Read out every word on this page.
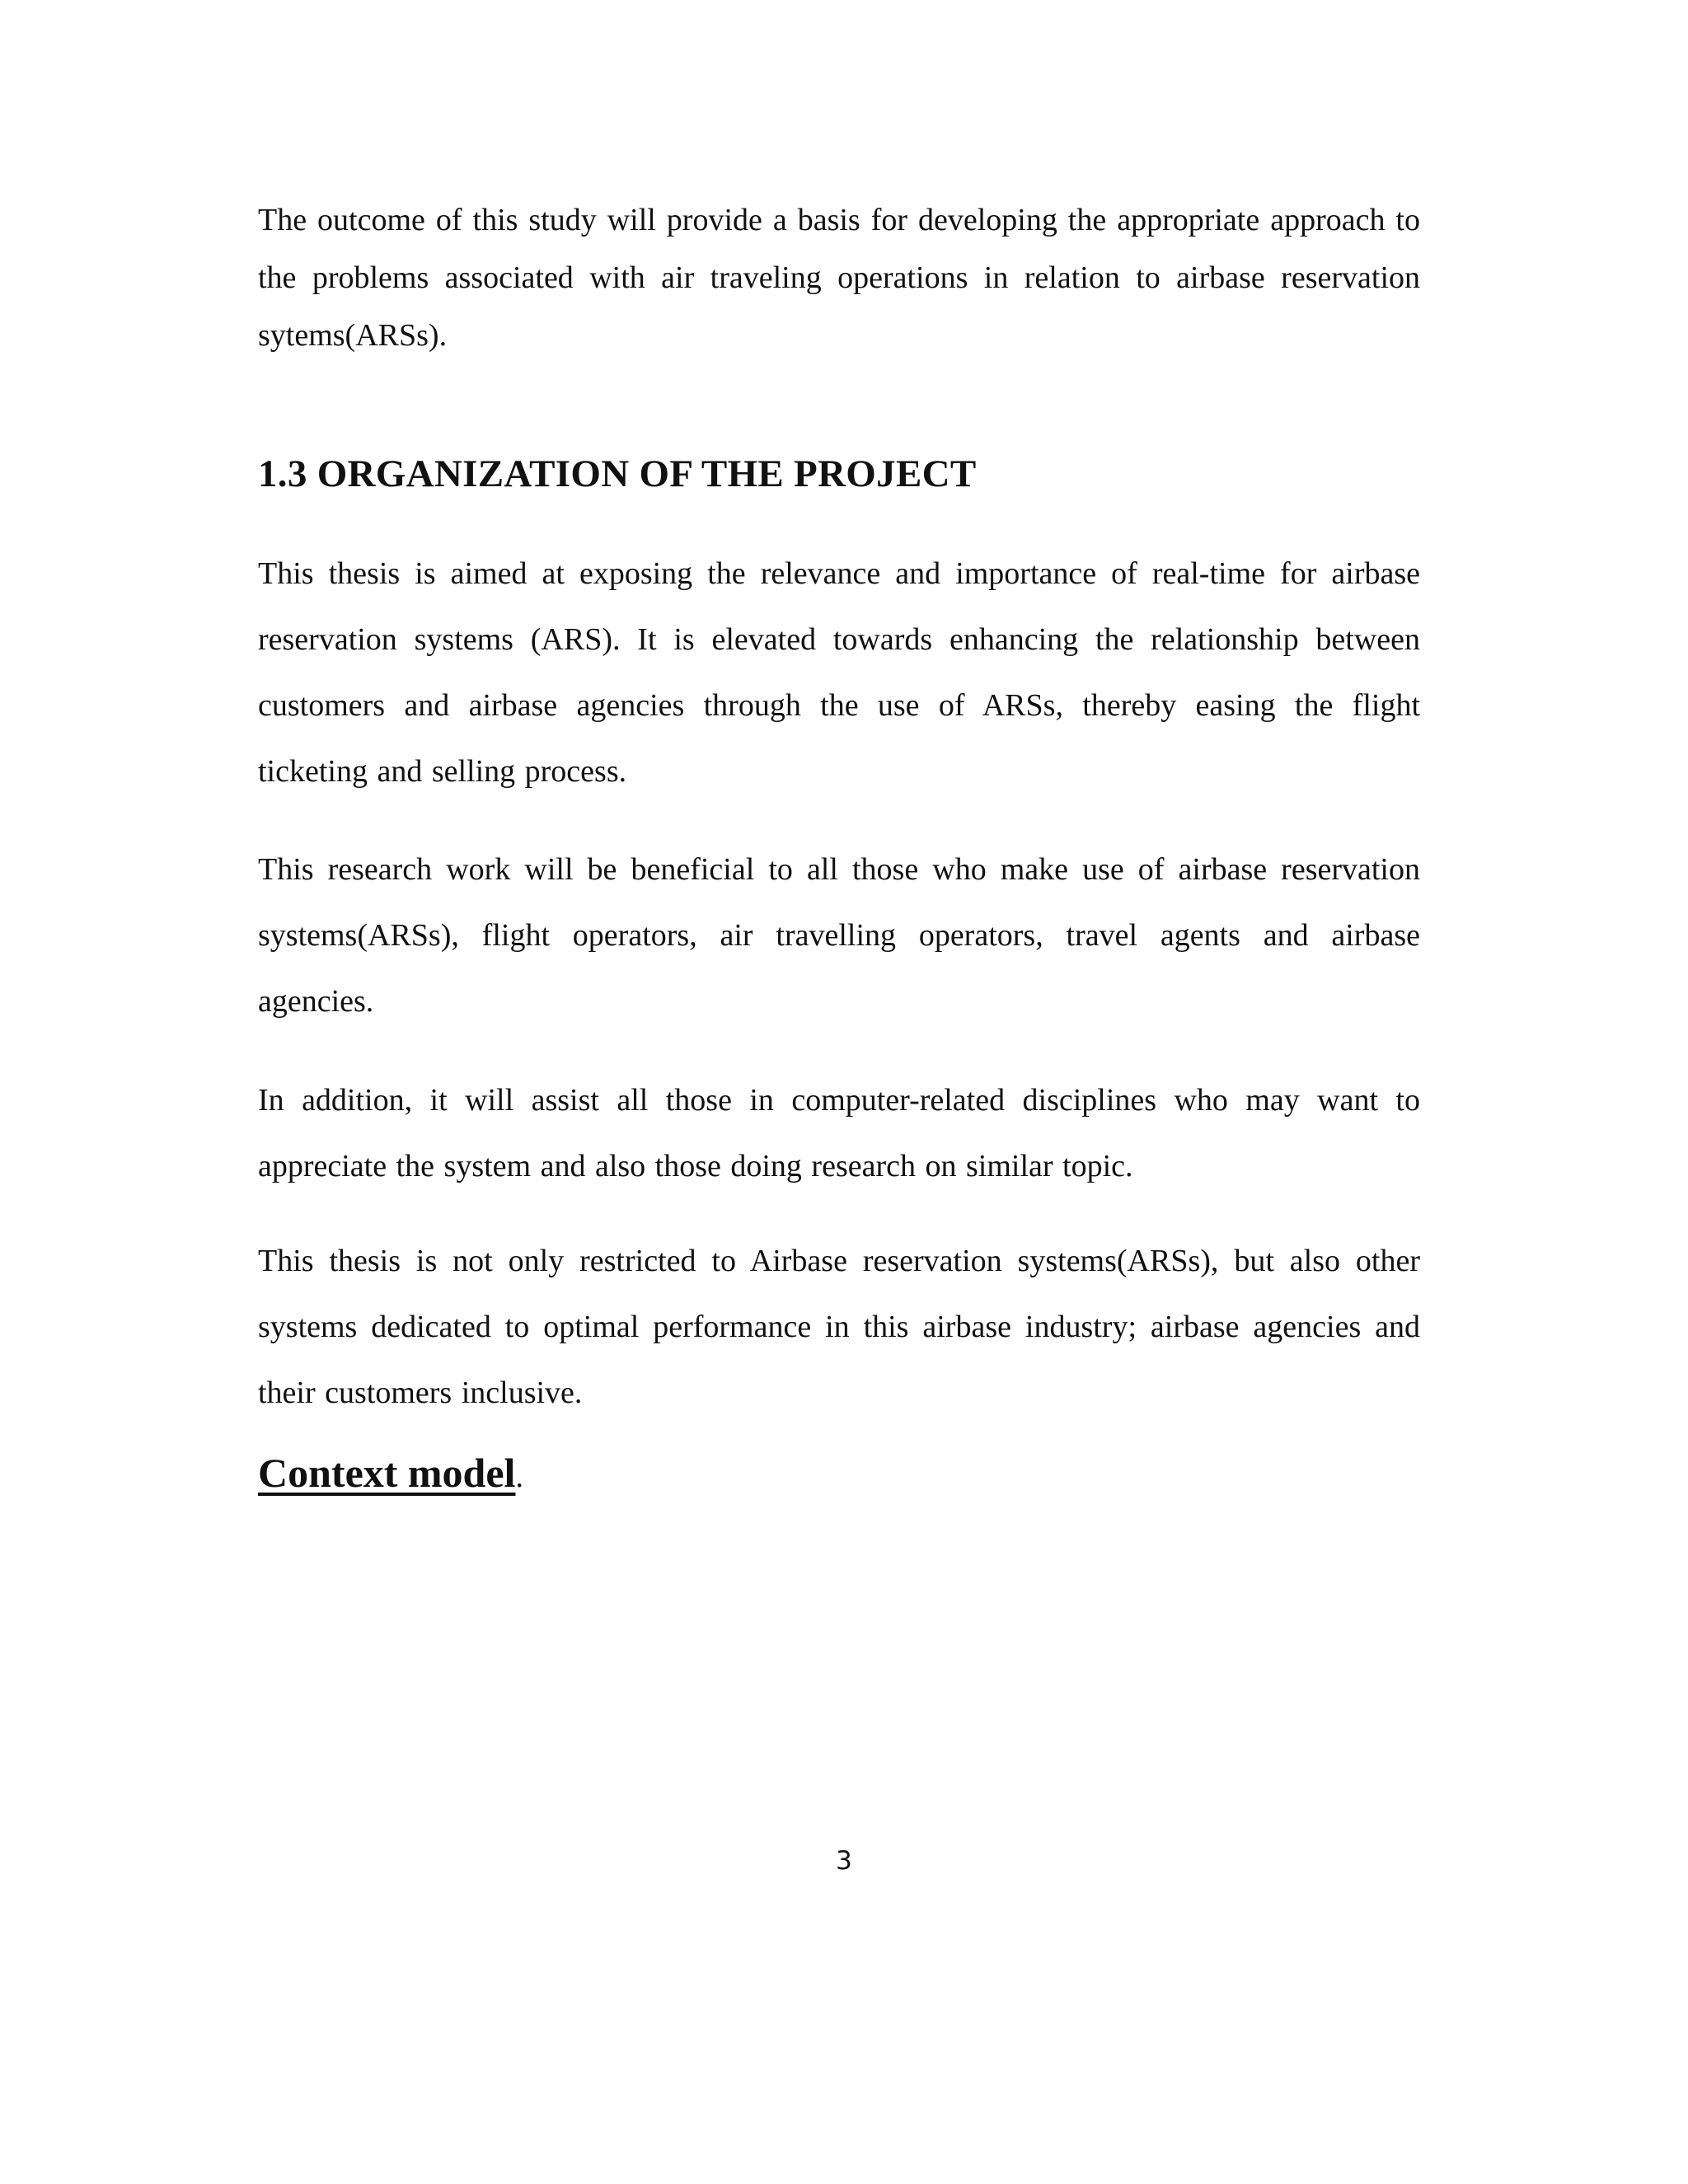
The outcome of this study will provide a basis for developing the appropriate approach to the problems associated with air traveling operations in relation to airbase reservation sytems(ARSs).

1.3 ORGANIZATION OF THE PROJECT

This thesis is aimed at exposing the relevance and importance of real-time for airbase reservation systems (ARS). It is elevated towards enhancing the relationship between customers and airbase agencies through the use of ARSs, thereby easing the flight ticketing and selling process.

This research work will be beneficial to all those who make use of airbase reservation systems(ARSs), flight operators, air travelling operators, travel agents and airbase agencies.

In addition, it will assist all those in computer-related disciplines who may want to appreciate the system and also those doing research on similar topic.

This thesis is not only restricted to Airbase reservation systems(ARSs), but also other systems dedicated to optimal performance in this airbase industry; airbase agencies and their customers inclusive.

Context model.
3
